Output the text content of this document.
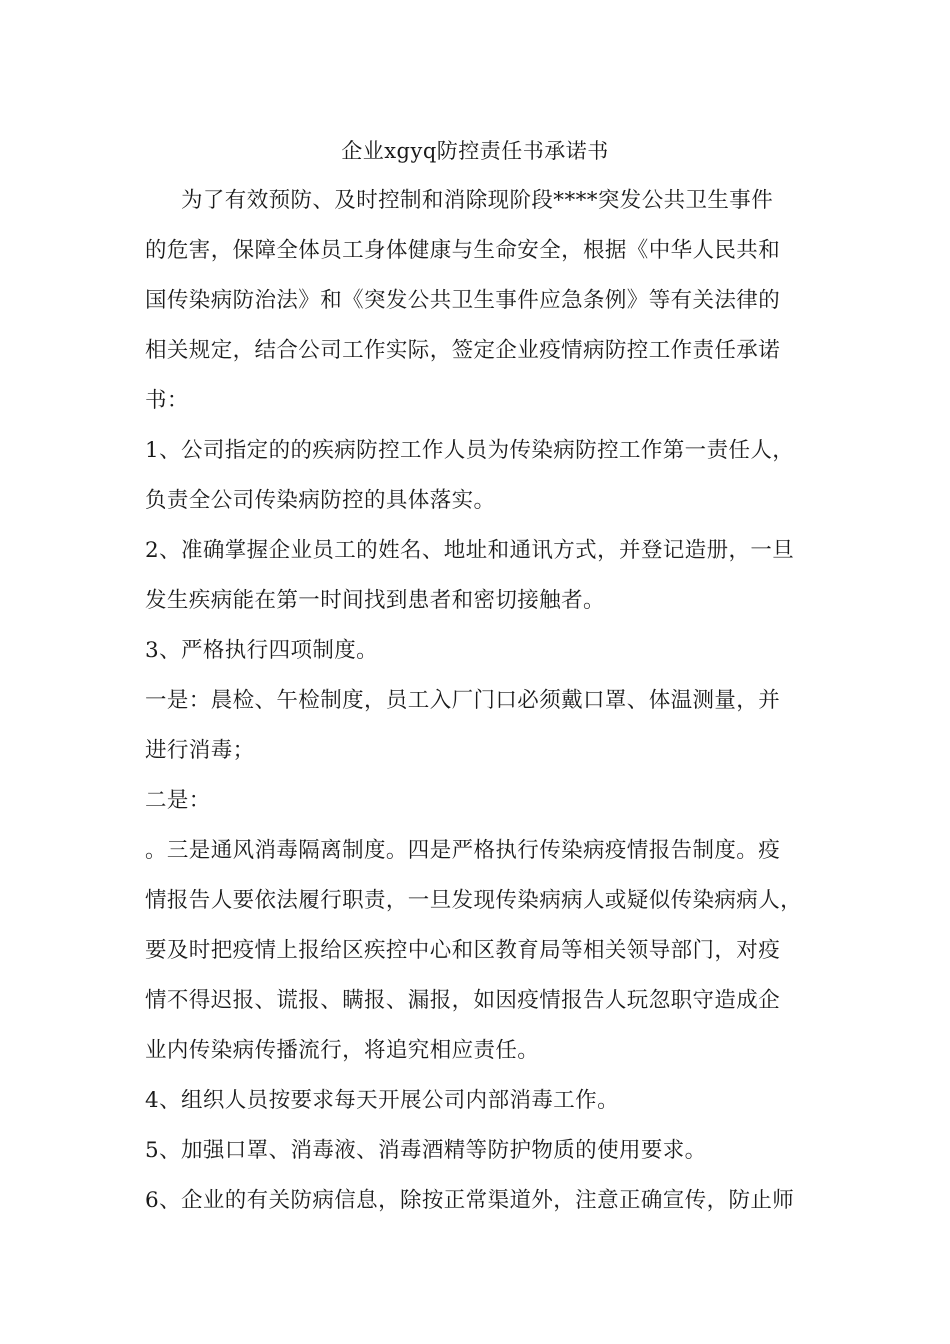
企业xgyq防控责任书承诺书
为了有效预防、及时控制和消除现阶段****突发公共卫生事件
的危害，保障全体员工身体健康与生命安全，根据《中华人民共和
国传染病防治法》和《突发公共卫生事件应急条例》等有关法律的
相关规定，结合公司工作实际，签定企业疫情病防控工作责任承诺
书：
1、公司指定的的疾病防控工作人员为传染病防控工作第一责任人，
负责全公司传染病防控的具体落实。
2、准确掌握企业员工的姓名、地址和通讯方式，并登记造册，一旦
发生疾病能在第一时间找到患者和密切接触者。
3、严格执行四项制度。
一是：晨检、午检制度，员工入厂门口必须戴口罩、体温测量，并
进行消毒；
二是：
。三是通风消毒隔离制度。四是严格执行传染病疫情报告制度。疫
情报告人要依法履行职责，一旦发现传染病病人或疑似传染病病人，
要及时把疫情上报给区疾控中心和区教育局等相关领导部门，对疫
情不得迟报、谎报、瞒报、漏报，如因疫情报告人玩忽职守造成企
业内传染病传播流行，将追究相应责任。
4、组织人员按要求每天开展公司内部消毒工作。
5、加强口罩、消毒液、消毒酒精等防护物质的使用要求。
6、企业的有关防病信息，除按正常渠道外，注意正确宣传，防止师
